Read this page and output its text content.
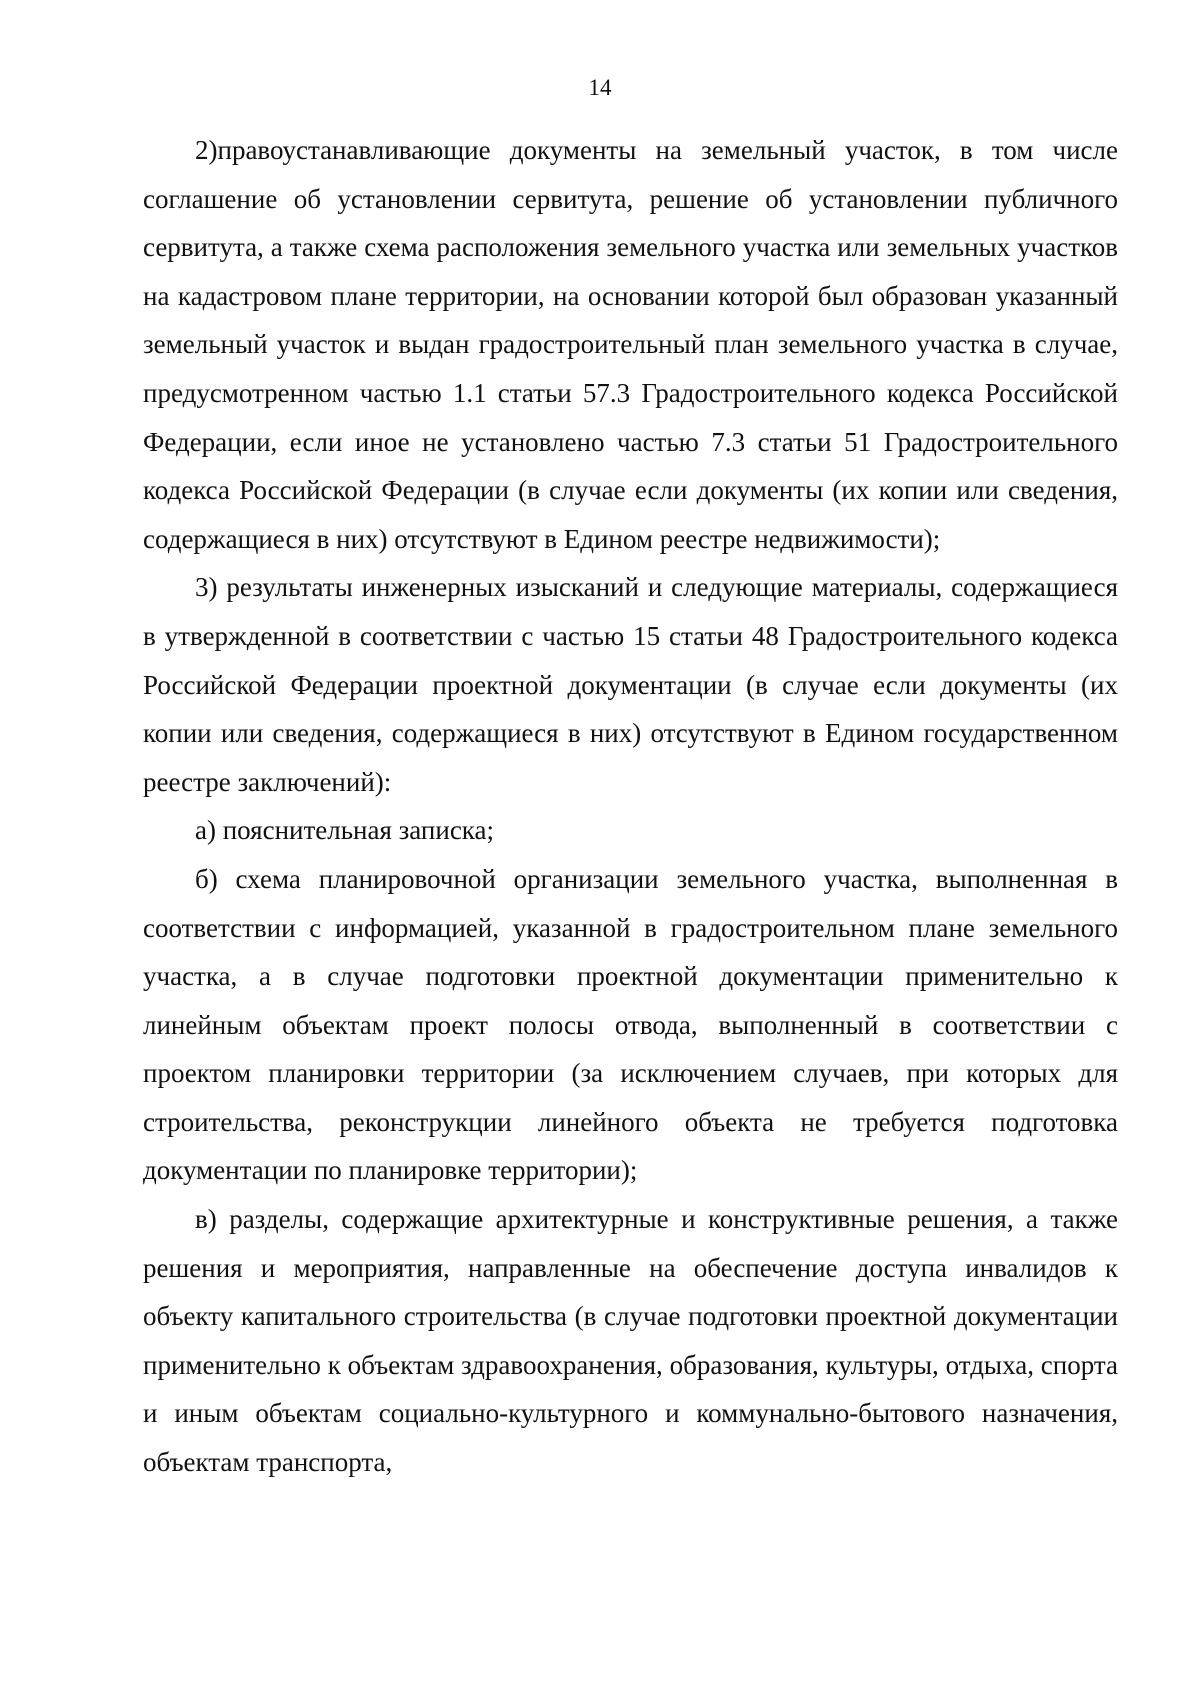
14

2)правоустанавливающие документы на земельный участок, в том числе соглашение об установлении сервитута, решение об установлении публичного сервитута, а также схема расположения земельного участка или земельных участков на кадастровом плане территории, на основании которой был образован указанный земельный участок и выдан градостроительный план земельного участка в случае, предусмотренном частью 1.1 статьи 57.3 Градостроительного кодекса Российской Федерации, если иное не установлено частью 7.3 статьи 51 Градостроительного кодекса Российской Федерации (в случае если документы (их копии или сведения, содержащиеся в них) отсутствуют в Едином реестре недвижимости);

3) результаты инженерных изысканий и следующие материалы, содержащиеся в утвержденной в соответствии с частью 15 статьи 48 Градостроительного кодекса Российской Федерации проектной документации (в случае если документы (их копии или сведения, содержащиеся в них) отсутствуют в Едином государственном реестре заключений):

а) пояснительная записка;

б) схема планировочной организации земельного участка, выполненная в соответствии с информацией, указанной в градостроительном плане земельного участка, а в случае подготовки проектной документации применительно к линейным объектам проект полосы отвода, выполненный в соответствии с проектом планировки территории (за исключением случаев, при которых для строительства, реконструкции линейного объекта не требуется подготовка документации по планировке территории);

в) разделы, содержащие архитектурные и конструктивные решения, а также решения и мероприятия, направленные на обеспечение доступа инвалидов к объекту капитального строительства (в случае подготовки проектной документации применительно к объектам здравоохранения, образования, культуры, отдыха, спорта и иным объектам социально-культурного и коммунально-бытового назначения, объектам транспорта,
